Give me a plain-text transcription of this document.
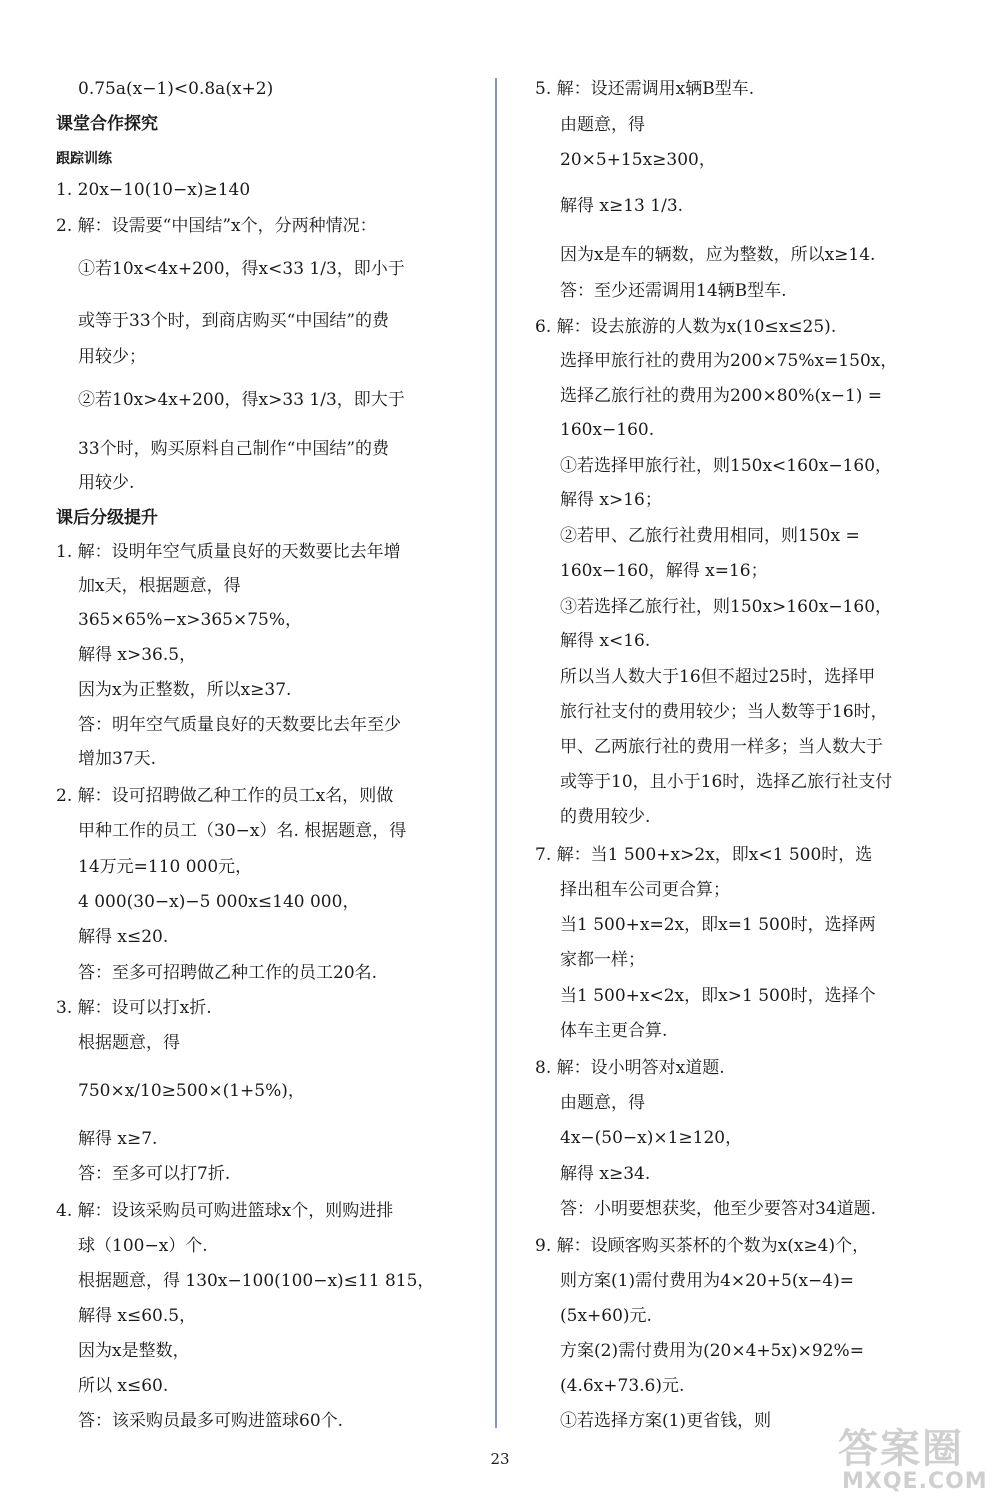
0.75a(x−1)<0.8a(x+2)
课堂合作探究
跟踪训练
1. 20x−10(10−x)≥140
2. 解：设需要“中国结”x个，分两种情况：
①若10x<4x+200，得x<33 1/3，即小于
或等于33个时，到商店购买“中国结”的费
用较少；
②若10x>4x+200，得x>33 1/3，即大于
33个时，购买原料自己制作“中国结”的费
用较少.
课后分级提升
1. 解：设明年空气质量良好的天数要比去年增
加x天，根据题意，得
365×65%−x>365×75%，
解得 x>36.5，
因为x为正整数，所以x≥37.
答：明年空气质量良好的天数要比去年至少
增加37天.
2. 解：设可招聘做乙种工作的员工x名，则做
甲种工作的员工（30−x）名. 根据题意，得
14万元=110 000元，
4 000(30−x)−5 000x≤140 000，
解得 x≤20.
答：至多可招聘做乙种工作的员工20名.
3. 解：设可以打x折.
根据题意，得
750×x/10≥500×(1+5%)，
解得 x≥7.
答：至多可以打7折.
4. 解：设该采购员可购进篮球x个，则购进排
球（100−x）个.
根据题意，得 130x−100(100−x)≤11 815，
解得 x≤60.5，
因为x是整数，
所以 x≤60.
答：该采购员最多可购进篮球60个.
5. 解：设还需调用x辆B型车.
由题意，得
20×5+15x≥300，
解得 x≥13 1/3.
因为x是车的辆数，应为整数，所以x≥14.
答：至少还需调用14辆B型车.
6. 解：设去旅游的人数为x(10≤x≤25).
选择甲旅行社的费用为200×75%x=150x，
选择乙旅行社的费用为200×80%(x−1) =
160x−160.
①若选择甲旅行社，则150x<160x−160，
解得 x>16；
②若甲、乙旅行社费用相同，则150x =
160x−160，解得 x=16；
③若选择乙旅行社，则150x>160x−160，
解得 x<16.
所以当人数大于16但不超过25时，选择甲
旅行社支付的费用较少；当人数等于16时，
甲、乙两旅行社的费用一样多；当人数大于
或等于10，且小于16时，选择乙旅行社支付
的费用较少.
7. 解：当1 500+x>2x，即x<1 500时，选
择出租车公司更合算；
当1 500+x=2x，即x=1 500时，选择两
家都一样；
当1 500+x<2x，即x>1 500时，选择个
体车主更合算.
8. 解：设小明答对x道题.
由题意，得
4x−(50−x)×1≥120，
解得 x≥34.
答：小明要想获奖，他至少要答对34道题.
9. 解：设顾客购买茶杯的个数为x(x≥4)个，
则方案(1)需付费用为4×20+5(x−4)=
(5x+60)元.
方案(2)需付费用为(20×4+5x)×92%=
(4.6x+73.6)元.
①若选择方案(1)更省钱，则
23	答案圈
MXQE.COM
